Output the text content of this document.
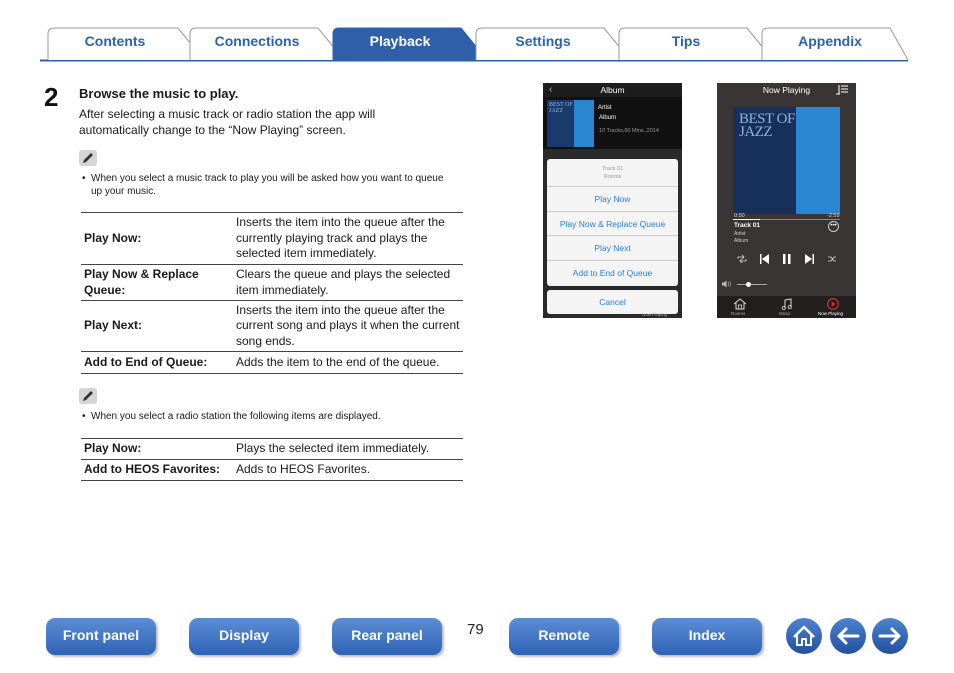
Contents	Connections	Playback	Settings	Tips	Appendix
2 Browse the music to play.
After selecting a music track or radio station the app will automatically change to the “Now Playing” screen.
• When you select a music track to play you will be asked how you want to queue up your music.
Play Now:	Inserts the item into the queue after the currently playing track and plays the selected item immediately.
Play Now & Replace Queue:	Clears the queue and plays the selected item immediately.
Play Next:	Inserts the item into the queue after the current song and plays it when the current song ends.
Add to End of Queue:	Adds the item to the end of the queue.
• When you select a radio station the following items are displayed.
Play Now:	Plays the selected item immediately.
Add to HEOS Favorites:	Adds to HEOS Favorites.
‹	Album
BEST OF
JAZZ	Artist
Album
10 Tracks,60 Mins.,2014
Track 01
Rooms
Play Now
Play Now & Replace Queue
Play Next
Add to End of Queue
Cancel
Now Playing
Now Playing
BEST OF
JAZZ
0:50	-2:59
Track 01
Artist
Album
•••
Rooms	Music	Now Playing
Front panel	Display	Rear panel	79	Remote	Index
